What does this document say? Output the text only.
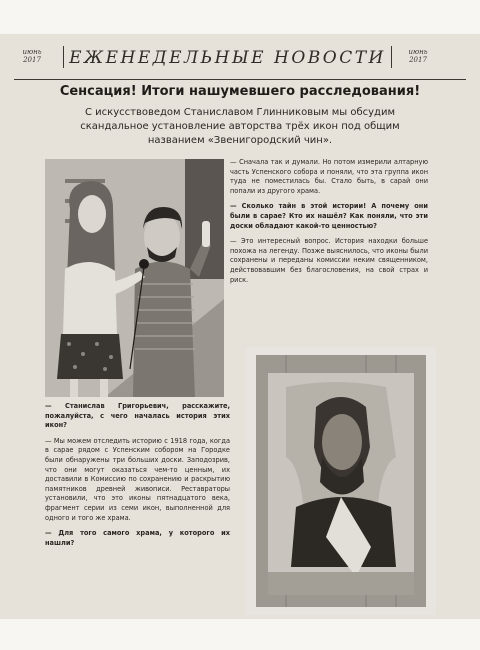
июнь
2017	ЕЖЕНЕДЕЛЬНЫЕ НОВОСТИ	июнь
2017
Сенсация! Итоги нашумевшего расследования!
С искусствоведом Станиславом Глинниковым мы обсудим скандальное установление авторства трёх икон под общим названием «Звенигородский чин».

— Сначала так и думали. Но потом измерили алтарную часть Успенского собора и поняли, что эта группа икон туда не поместилась бы. Стало быть, в сарай они попали из другого храма.

— Сколько тайн в этой истории! А почему они были в сарае? Кто их нашёл? Как поняли, что эти доски обладают какой-то ценностью?

— Это интересный вопрос. История находки больше похожа на легенду. Позже выяснилось, что иконы были сохранены и переданы комиссии неким священником, действовавшим без благословения, на свой страх и риск.

— Станислав Григорьевич, расскажите, пожалуйста, с чего началась история этих икон?

— Мы можем отследить историю с 1918 года, когда в сарае рядом с Успенским собором на Городке были обнаружены три больших доски. Заподозрив, что они могут оказаться чем-то ценным, их доставили в Комиссию по сохранению и раскрытию памятников древней живописи. Реставраторы установили, что это иконы пятнадцатого века, фрагмент серии из семи икон, выполненной для одного и того же храма.

— Для того самого храма, у которого их нашли?
